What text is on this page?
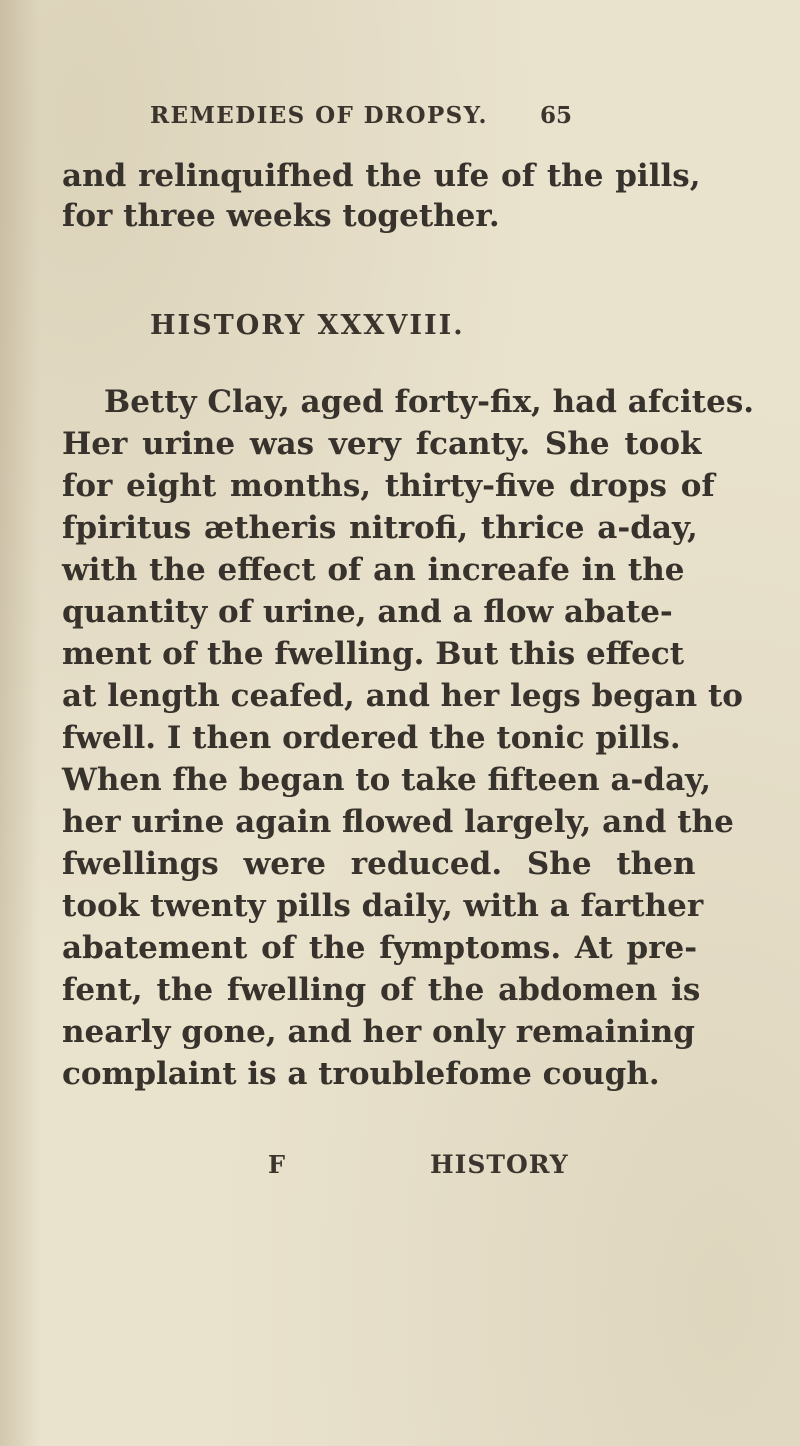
REMEDIES OF DROPSY. 65
and relinquifhed the ufe of the pills,
for three weeks together.
HISTORY XXXVIII.
Betty Clay, aged forty-fix, had afcites.
Her urine was very fcanty. She took
for eight months, thirty-five drops of
fpiritus ætheris nitrofi, thrice a-day,
with the effect of an increafe in the
quantity of urine, and a flow abate-
ment of the fwelling. But this effect
at length ceafed, and her legs began to
fwell. I then ordered the tonic pills.
When fhe began to take fifteen a-day,
her urine again flowed largely, and the
fwellings were reduced. She then
took twenty pills daily, with a farther
abatement of the fymptoms. At pre-
fent, the fwelling of the abdomen is
nearly gone, and her only remaining
complaint is a troublefome cough.
F	HISTORY
